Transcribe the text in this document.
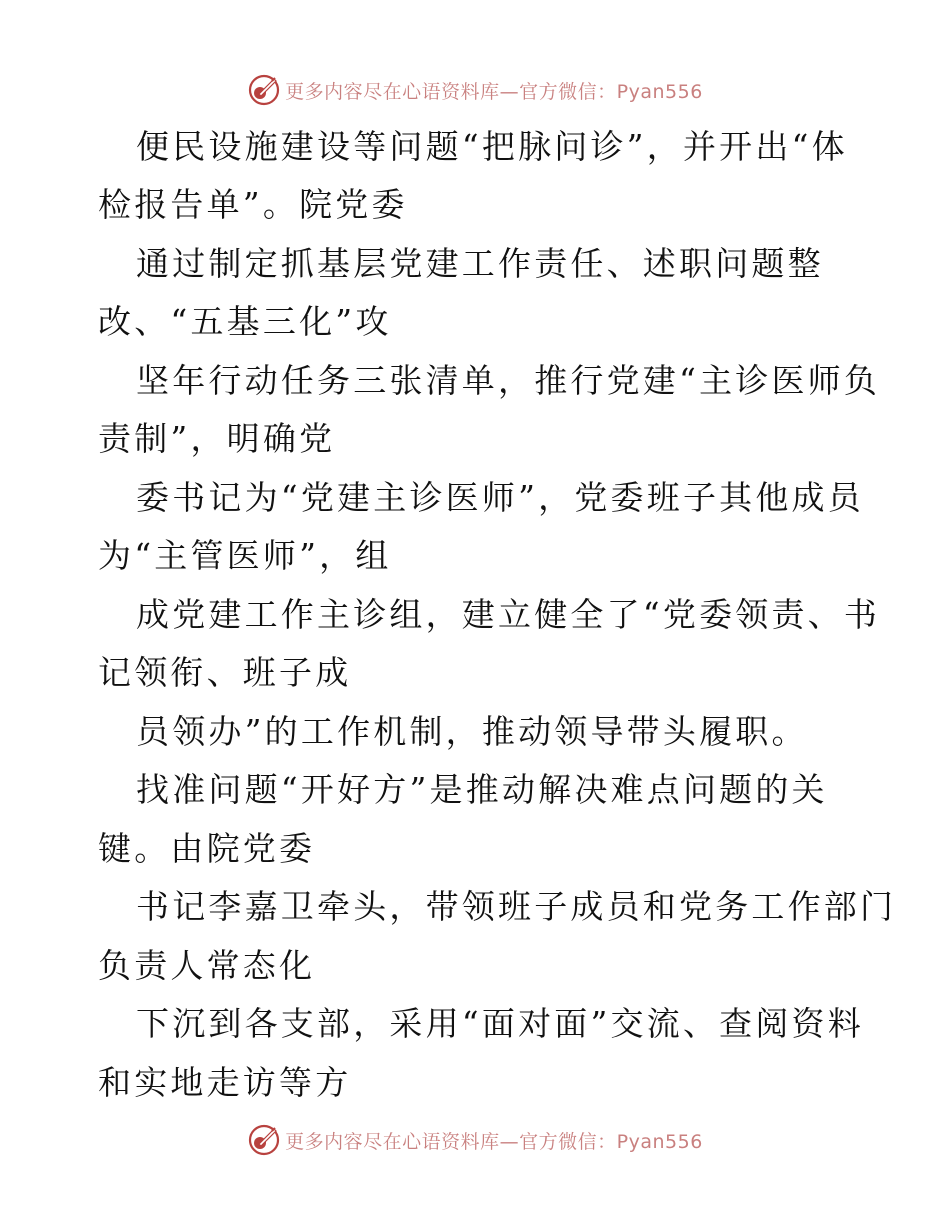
更多内容尽在心语资料库—官方微信：Pyan556
便民设施建设等问题“把脉问诊”，并开出“体
检报告单”。院党委
通过制定抓基层党建工作责任、述职问题整
改、“五基三化”攻
坚年行动任务三张清单，推行党建“主诊医师负
责制”，明确党
委书记为“党建主诊医师”，党委班子其他成员
为“主管医师”，组
成党建工作主诊组，建立健全了“党委领责、书
记领衔、班子成
员领办”的工作机制，推动领导带头履职。
找准问题“开好方”是推动解决难点问题的关
键。由院党委
书记李嘉卫牵头，带领班子成员和党务工作部门
负责人常态化
下沉到各支部，采用“面对面”交流、查阅资料
和实地走访等方
更多内容尽在心语资料库—官方微信：Pyan556
